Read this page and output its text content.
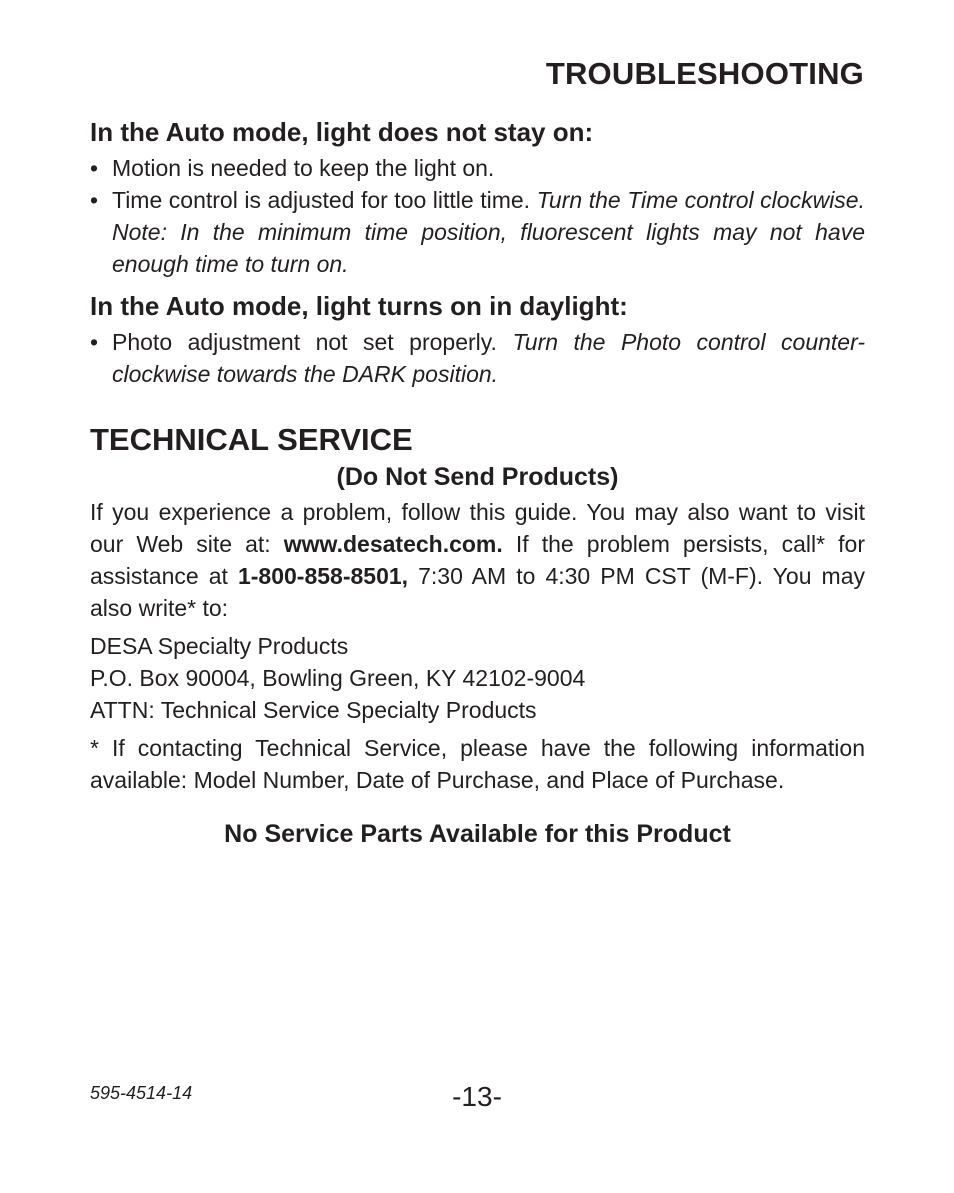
TROUBLESHOOTING
In the Auto mode, light does not stay on:
• Motion is needed to keep the light on.
• Time control is adjusted for too little time. Turn the Time control clockwise. Note: In the minimum time position, fluorescent lights may not have enough time to turn on.
In the Auto mode, light turns on in daylight:
• Photo adjustment not set properly. Turn the Photo control counter-clockwise towards the DARK position.
TECHNICAL SERVICE
(Do Not Send Products)

If you experience a problem, follow this guide. You may also want to visit our Web site at: www.desatech.com. If the problem persists, call* for assistance at 1-800-858-8501, 7:30 AM to 4:30 PM CST (M-F). You may also write* to:

DESA Specialty Products
P.O. Box 90004, Bowling Green, KY 42102-9004
ATTN: Technical Service Specialty Products

* If contacting Technical Service, please have the following information available: Model Number, Date of Purchase, and Place of Purchase.

No Service Parts Available for this Product
595-4514-14	-13-
